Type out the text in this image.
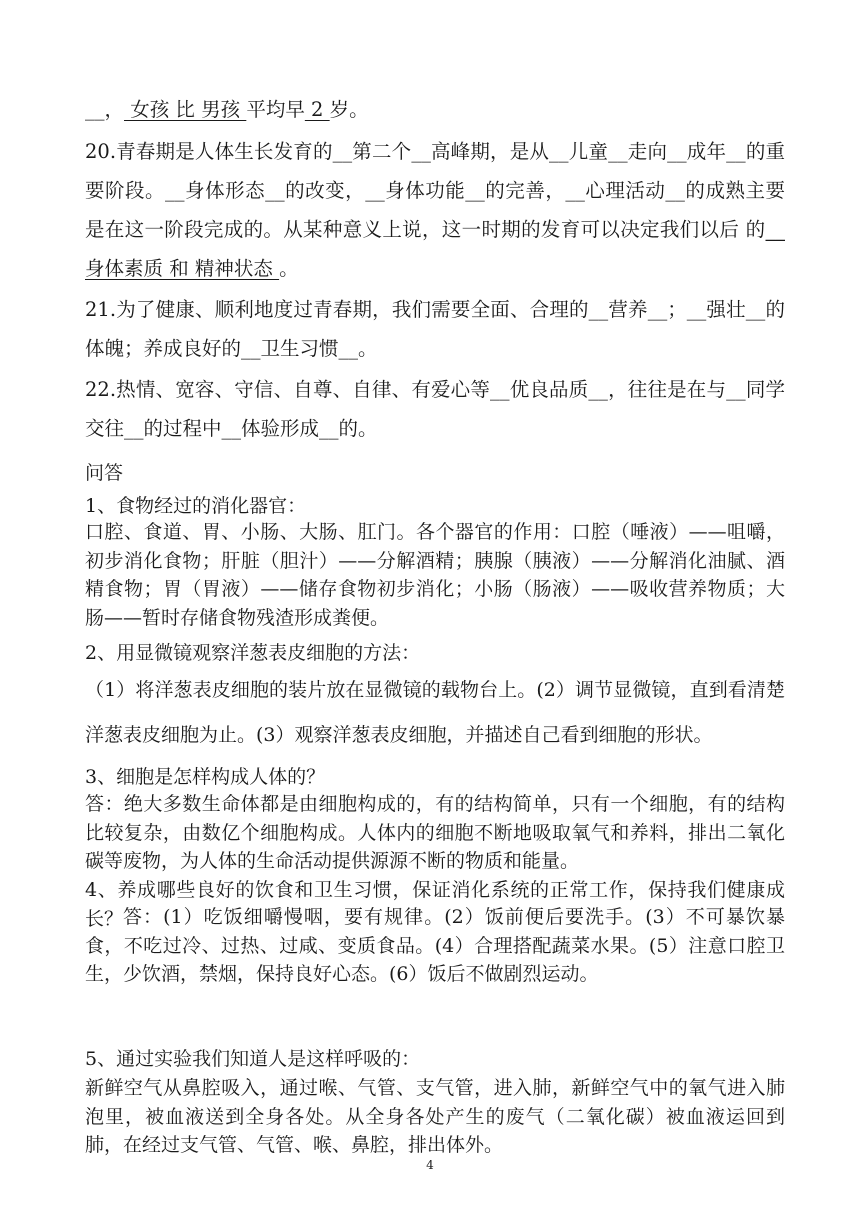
__， 女孩 比 男孩 平均早 2 岁。
20.青春期是人体生长发育的__第二个__高峰期，是从__儿童__走向__成年__的重要阶段。__身体形态__的改变，__身体功能__的完善，__心理活动__的成熟主要是在这一阶段完成的。从某种意义上说，这一时期的发育可以决定我们以后 的__身体素质 和 精神状态 。
21.为了健康、顺利地度过青春期，我们需要全面、合理的__营养__；__强壮__的体魄；养成良好的__卫生习惯__。
22.热情、宽容、守信、自尊、自律、有爱心等__优良品质__，往往是在与__同学交往__的过程中__体验形成__的。
问答
1、食物经过的消化器官：
口腔、食道、胃、小肠、大肠、肛门。各个器官的作用：口腔（唾液）——咀嚼，初步消化食物；肝脏（胆汁）——分解酒精；胰腺（胰液）——分解消化油腻、酒精食物；胃（胃液）——储存食物初步消化；小肠（肠液）——吸收营养物质；大肠——暂时存储食物残渣形成粪便。
2、用显微镜观察洋葱表皮细胞的方法：
（1）将洋葱表皮细胞的装片放在显微镜的载物台上。(2）调节显微镜，直到看清楚洋葱表皮细胞为止。(3）观察洋葱表皮细胞，并描述自己看到细胞的形状。
3、细胞是怎样构成人体的？
答：绝大多数生命体都是由细胞构成的，有的结构简单，只有一个细胞，有的结构比较复杂，由数亿个细胞构成。人体内的细胞不断地吸取氧气和养料，排出二氧化碳等废物，为人体的生命活动提供源源不断的物质和能量。
4、养成哪些良好的饮食和卫生习惯，保证消化系统的正常工作，保持我们健康成长？ 答：(1）吃饭细嚼慢咽，要有规律。(2）饭前便后要洗手。(3）不可暴饮暴食，不吃过冷、过热、过咸、变质食品。(4）合理搭配蔬菜水果。(5）注意口腔卫生，少饮酒，禁烟，保持良好心态。(6）饭后不做剧烈运动。
5、通过实验我们知道人是这样呼吸的：
新鲜空气从鼻腔吸入，通过喉、气管、支气管，进入肺，新鲜空气中的氧气进入肺泡里，被血液送到全身各处。从全身各处产生的废气（二氧化碳）被血液运回到肺，在经过支气管、气管、喉、鼻腔，排出体外。
4
